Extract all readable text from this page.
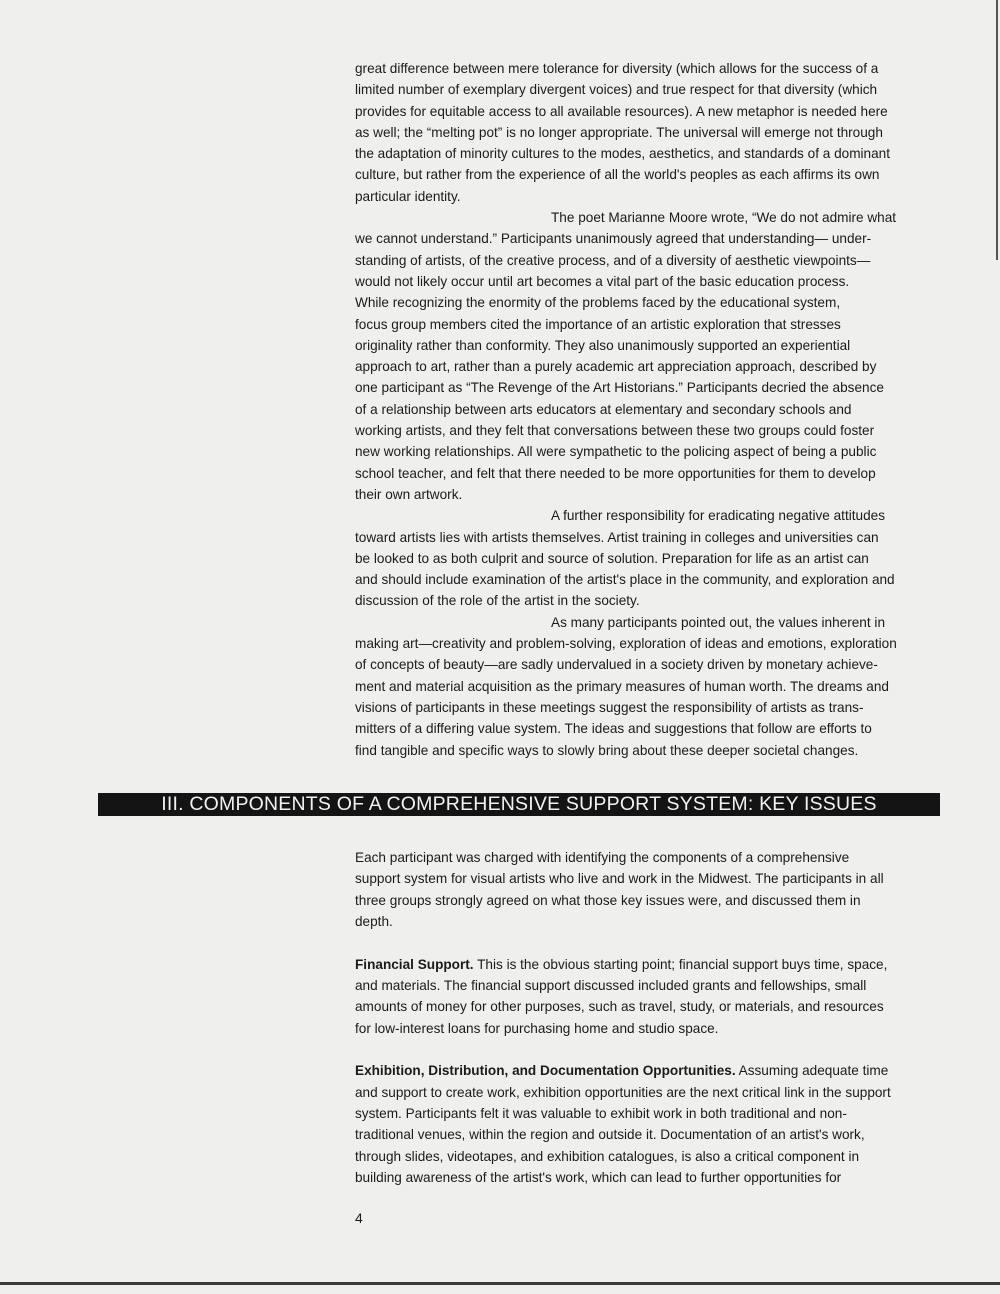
great difference between mere tolerance for diversity (which allows for the success of a
limited number of exemplary divergent voices) and true respect for that diversity (which
provides for equitable access to all available resources). A new metaphor is needed here
as well; the “melting pot” is no longer appropriate. The universal will emerge not through
the adaptation of minority cultures to the modes, aesthetics, and standards of a dominant
culture, but rather from the experience of all the world's peoples as each affirms its own
particular identity.
The poet Marianne Moore wrote, “We do not admire what
we cannot understand.” Participants unanimously agreed that understanding— under-
standing of artists, of the creative process, and of a diversity of aesthetic viewpoints—
would not likely occur until art becomes a vital part of the basic education process.
While recognizing the enormity of the problems faced by the educational system,
focus group members cited the importance of an artistic exploration that stresses
originality rather than conformity. They also unanimously supported an experiential
approach to art, rather than a purely academic art appreciation approach, described by
one participant as “The Revenge of the Art Historians.” Participants decried the absence
of a relationship between arts educators at elementary and secondary schools and
working artists, and they felt that conversations between these two groups could foster
new working relationships. All were sympathetic to the policing aspect of being a public
school teacher, and felt that there needed to be more opportunities for them to develop
their own artwork.
A further responsibility for eradicating negative attitudes
toward artists lies with artists themselves. Artist training in colleges and universities can
be looked to as both culprit and source of solution. Preparation for life as an artist can
and should include examination of the artist's place in the community, and exploration and
discussion of the role of the artist in the society.
As many participants pointed out, the values inherent in
making art—creativity and problem-solving, exploration of ideas and emotions, exploration
of concepts of beauty—are sadly undervalued in a society driven by monetary achieve-
ment and material acquisition as the primary measures of human worth. The dreams and
visions of participants in these meetings suggest the responsibility of artists as trans-
mitters of a differing value system. The ideas and suggestions that follow are efforts to
find tangible and specific ways to slowly bring about these deeper societal changes.
III. COMPONENTS OF A COMPREHENSIVE SUPPORT SYSTEM: KEY ISSUES
Each participant was charged with identifying the components of a comprehensive
support system for visual artists who live and work in the Midwest. The participants in all
three groups strongly agreed on what those key issues were, and discussed them in
depth.
Financial Support. This is the obvious starting point; financial support buys time, space,
and materials. The financial support discussed included grants and fellowships, small
amounts of money for other purposes, such as travel, study, or materials, and resources
for low-interest loans for purchasing home and studio space.
Exhibition, Distribution, and Documentation Opportunities. Assuming adequate time
and support to create work, exhibition opportunities are the next critical link in the support
system. Participants felt it was valuable to exhibit work in both traditional and non-
traditional venues, within the region and outside it. Documentation of an artist's work,
through slides, videotapes, and exhibition catalogues, is also a critical component in
building awareness of the artist's work, which can lead to further opportunities for
4
